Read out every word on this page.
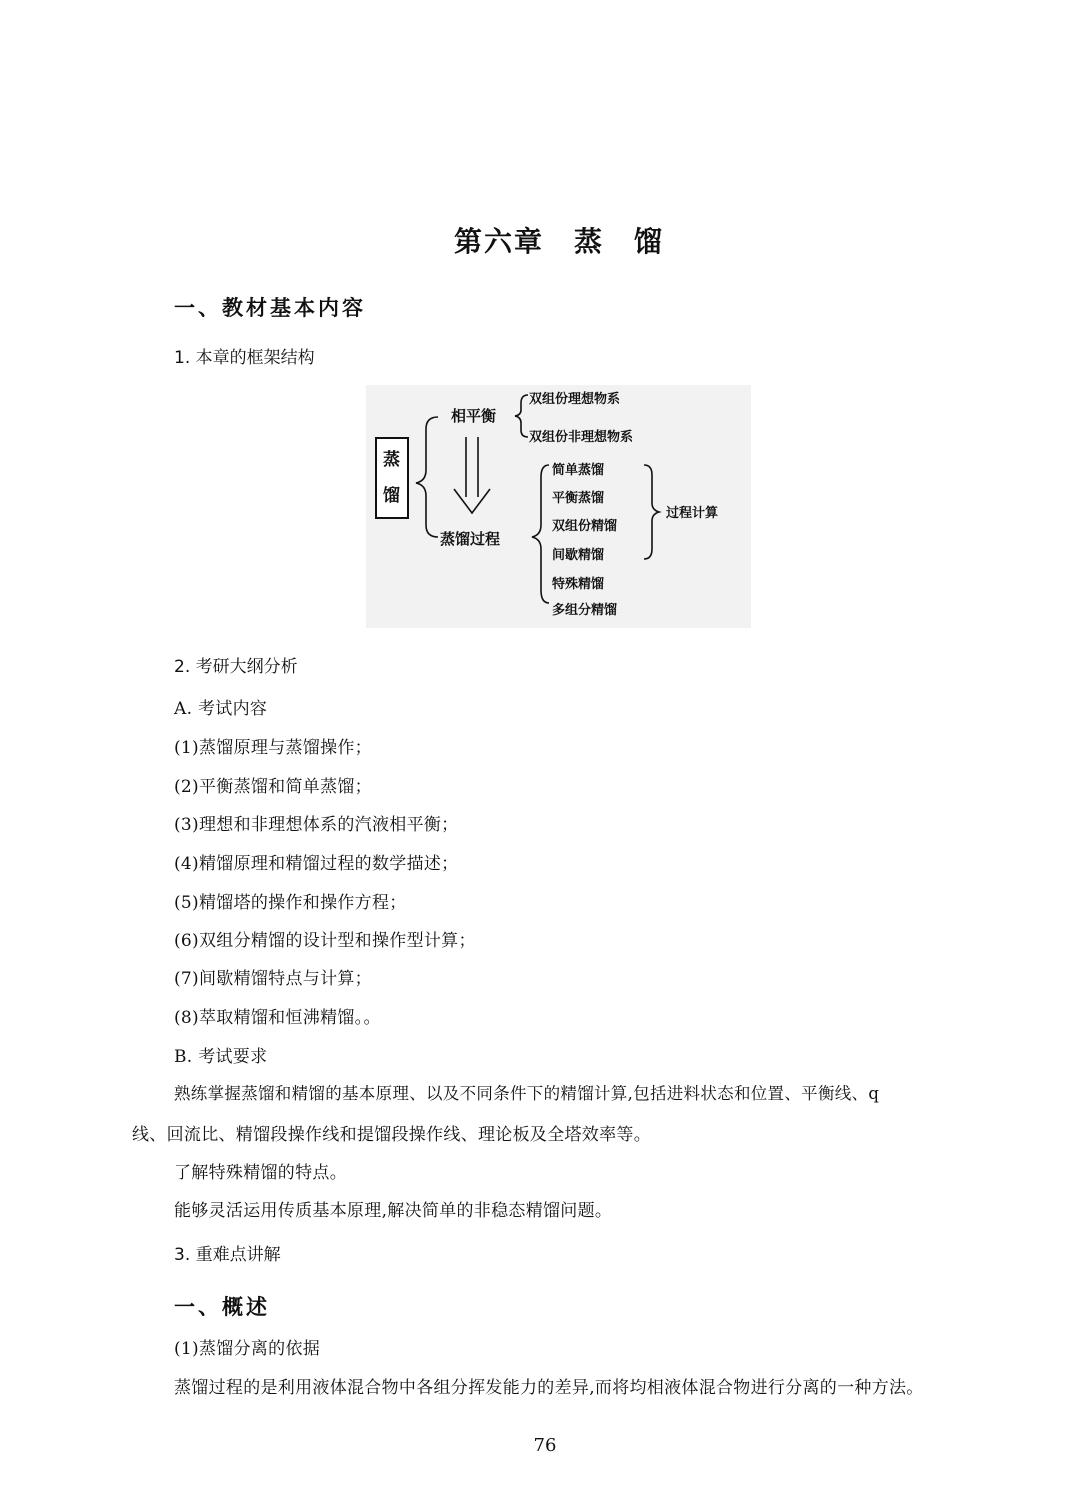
第六章　蒸　馏
一、教材基本内容
1. 本章的框架结构
蒸
馏
相平衡
双组份理想物系
双组份非理想物系
蒸馏过程
简单蒸馏
平衡蒸馏
双组份精馏
间歇精馏
特殊精馏
多组分精馏
过程计算
2. 考研大纲分析
A. 考试内容
(1)蒸馏原理与蒸馏操作；
(2)平衡蒸馏和简单蒸馏；
(3)理想和非理想体系的汽液相平衡；
(4)精馏原理和精馏过程的数学描述；
(5)精馏塔的操作和操作方程；
(6)双组分精馏的设计型和操作型计算；
(7)间歇精馏特点与计算；
(8)萃取精馏和恒沸精馏。。
B. 考试要求
熟练掌握蒸馏和精馏的基本原理、以及不同条件下的精馏计算,包括进料状态和位置、平衡线、q
线、回流比、精馏段操作线和提馏段操作线、理论板及全塔效率等。
了解特殊精馏的特点。
能够灵活运用传质基本原理,解决简单的非稳态精馏问题。
3. 重难点讲解
一、概述
(1)蒸馏分离的依据
蒸馏过程的是利用液体混合物中各组分挥发能力的差异,而将均相液体混合物进行分离的一种方法。
76
